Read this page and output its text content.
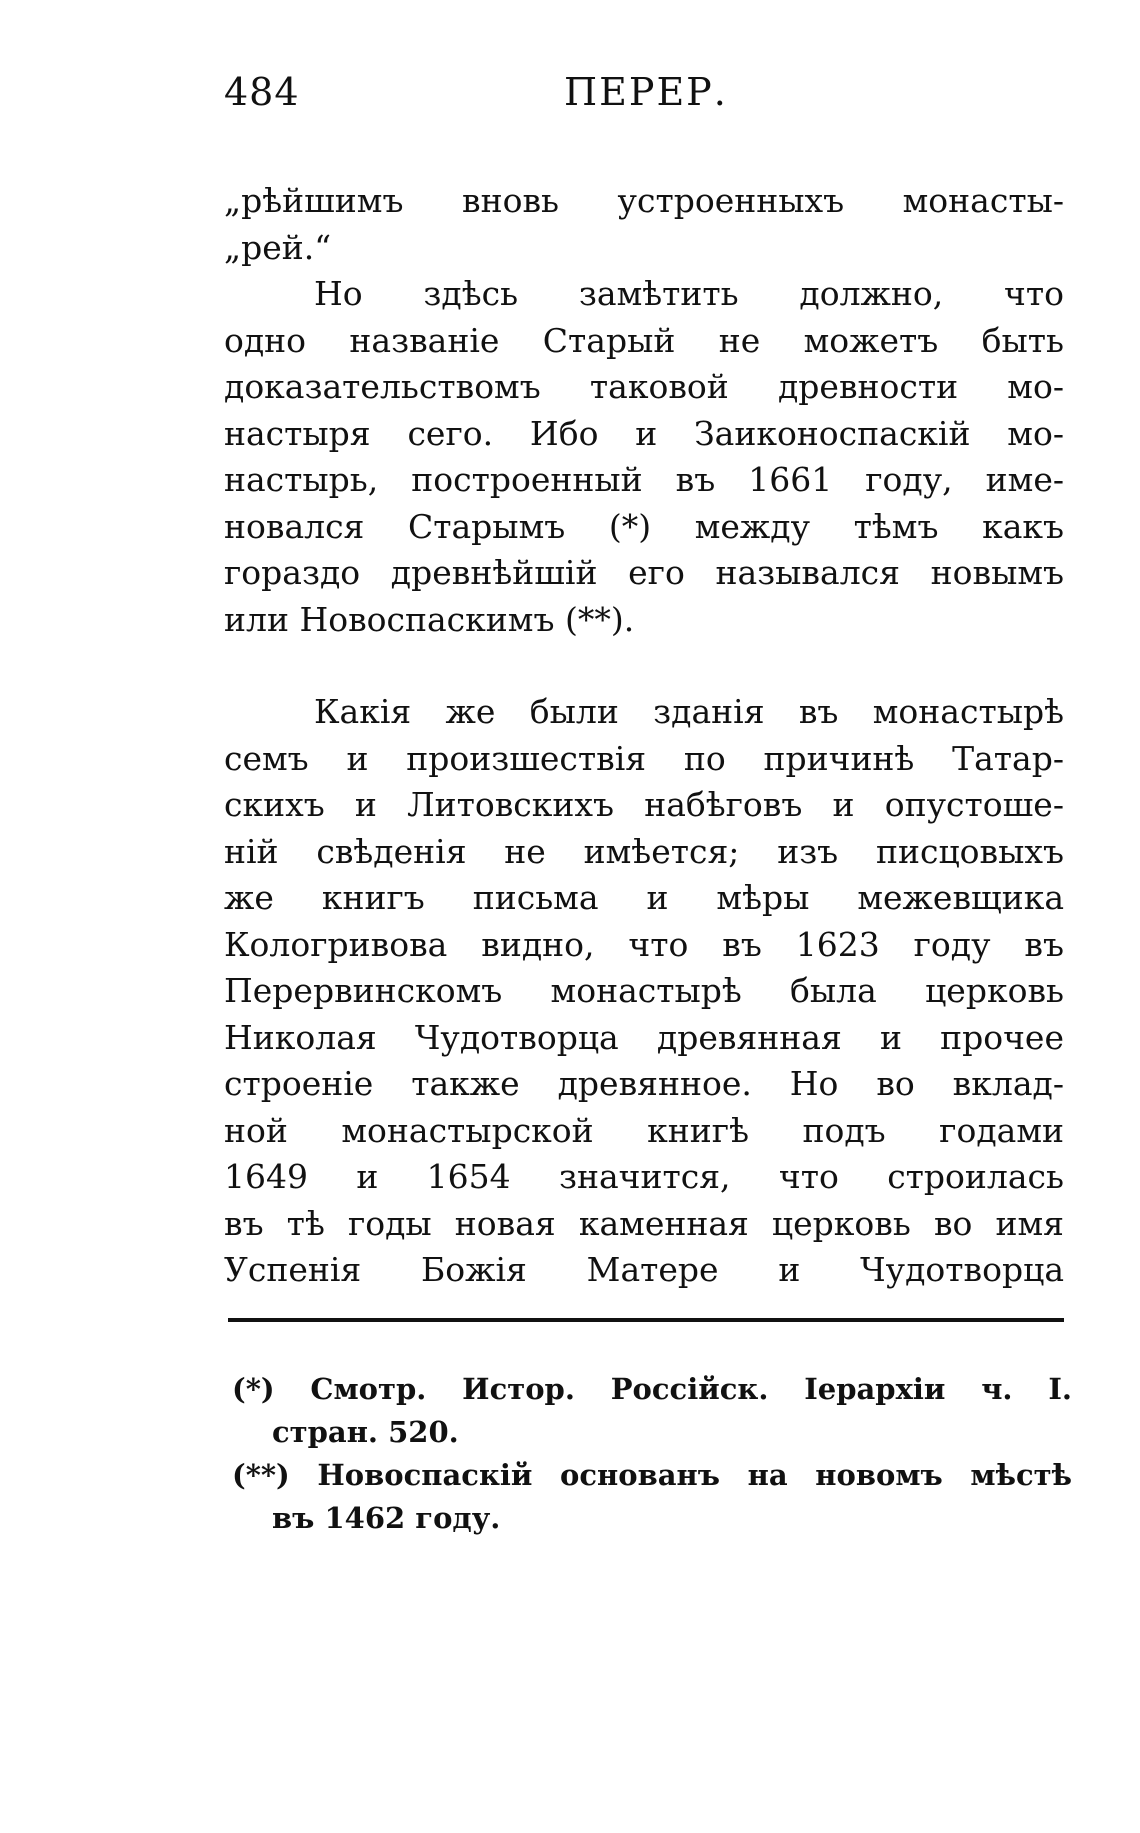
484	ПЕРЕР.
„рѣйшимъ вновь устроенныхъ монасты-
„рей.“
Но здѣсь замѣтить должно, что
одно названіе Старый не можетъ быть
доказательствомъ таковой древности мо-
настыря сего. Ибо и Заиконоспаскій мо-
настырь, построенный въ 1661 году, име-
новался Старымъ (*) между тѣмъ какъ
гораздо древнѣйшій его назывался новымъ
или Новоспаскимъ (**).
Какія же были зданія въ монастырѣ
семъ и произшествія по причинѣ Татар-
скихъ и Литовскихъ набѣговъ и опустоше-
ній свѣденія не имѣется; изъ писцовыхъ
же книгъ письма и мѣры межевщика
Кологривова видно, что въ 1623 году въ
Перервинскомъ монастырѣ была церковь
Николая Чудотворца древянная и прочее
строеніе также древянное. Но во вклад-
ной монастырской книгѣ подъ годами
1649 и 1654 значится, что строилась
въ тѣ годы новая каменная церковь во имя
Успенія Божія Матере и Чудотворца
(*) Смотр. Истор. Россійск. Іерархіи ч. I.
стран. 520.
(**) Новоспаскій основанъ на новомъ мѣстѣ
въ 1462 году.
